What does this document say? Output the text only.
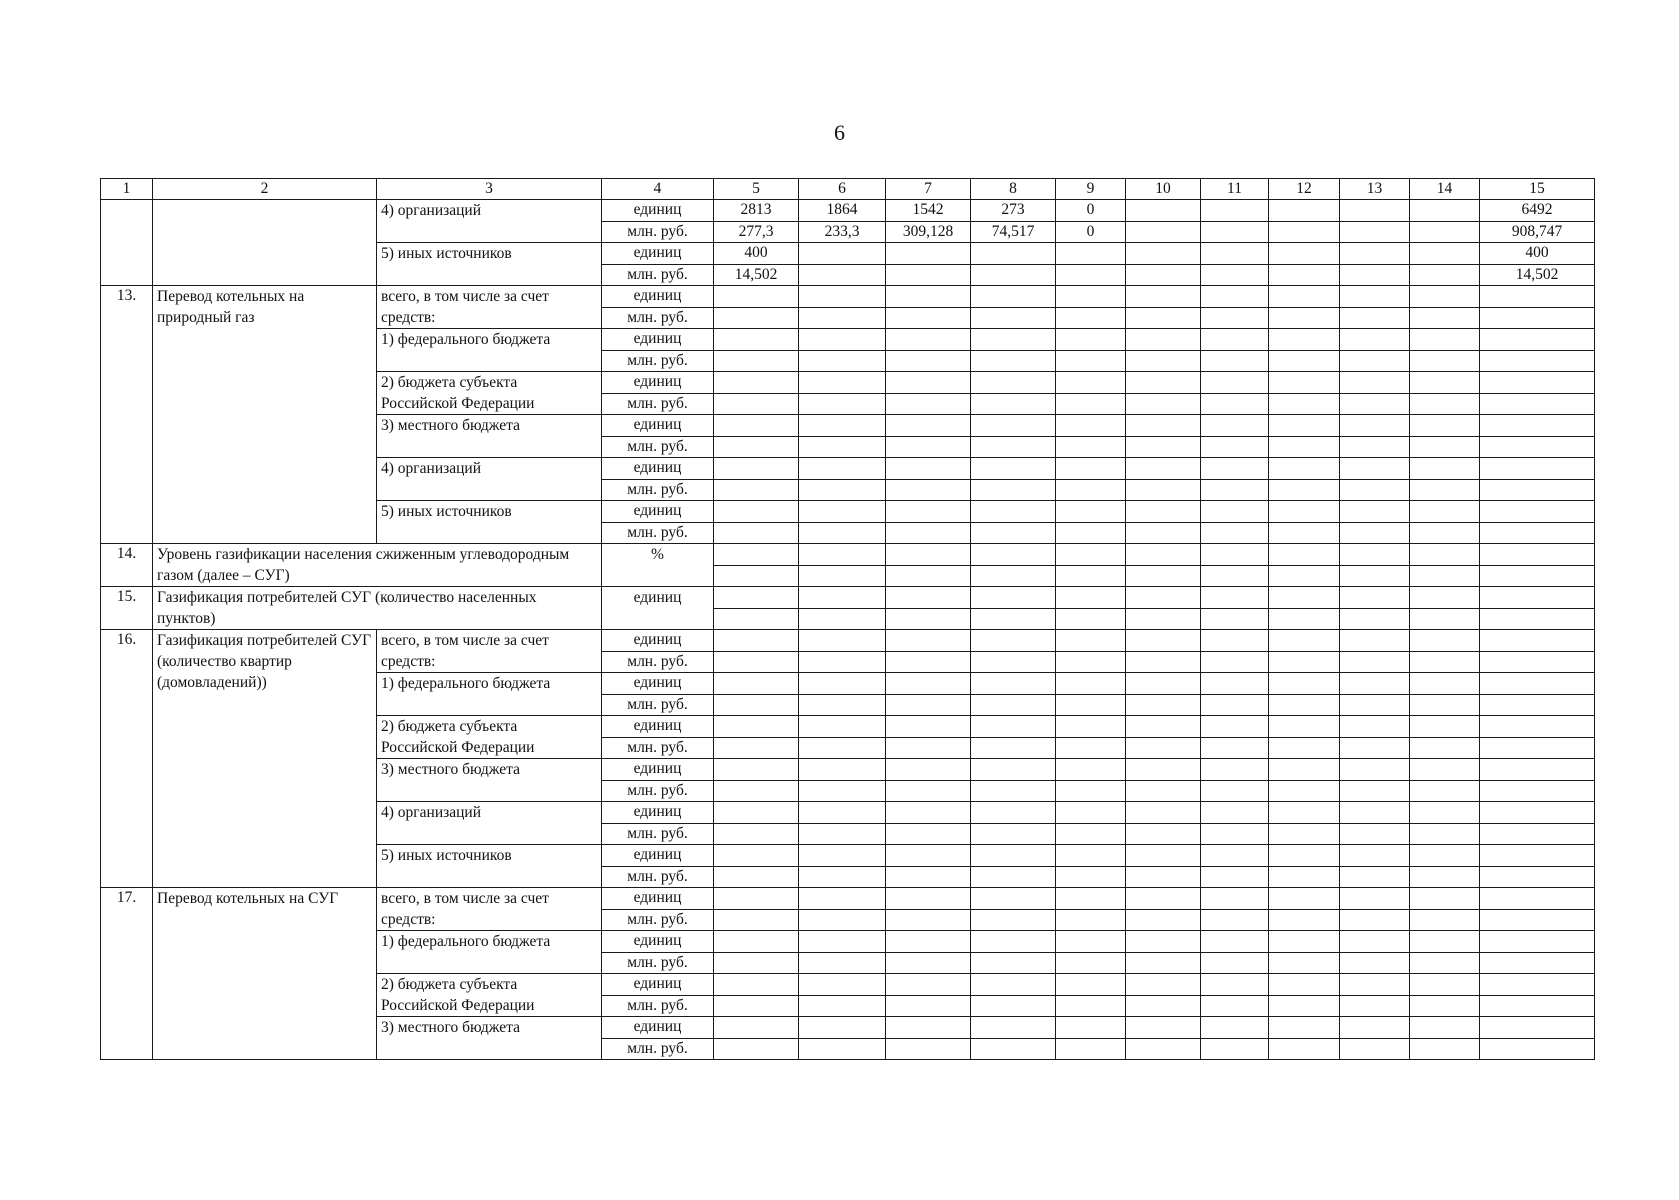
6
1	2	3	4	5	6	7	8	9	10	11	12	13	14	15
		4) организаций	единиц	2813	1864	1542	273	0						6492
			млн. руб.	277,3	233,3	309,128	74,517	0						908,747
		5) иных источников	единиц	400										400
			млн. руб.	14,502										14,502
13.	Перевод котельных на природный газ	всего, в том числе за счет средств:	единиц											
			млн. руб.											
		1) федерального бюджета	единиц											
			млн. руб.											
		2) бюджета субъекта Российской Федерации	единиц											
			млн. руб.											
		3) местного бюджета	единиц											
			млн. руб.											
		4) организаций	единиц											
			млн. руб.											
		5) иных источников	единиц											
			млн. руб.											
14.	Уровень газификации населения сжиженным углеводородным газом (далее – СУГ)		%											

15.	Газификация потребителей СУГ (количество населенных пунктов)		единиц											

16.	Газификация потребителей СУГ (количество квартир (домовладений))	всего, в том числе за счет средств:	единиц											
			млн. руб.											
		1) федерального бюджета	единиц											
			млн. руб.											
		2) бюджета субъекта Российской Федерации	единиц											
			млн. руб.											
		3) местного бюджета	единиц											
			млн. руб.											
		4) организаций	единиц											
			млн. руб.											
		5) иных источников	единиц											
			млн. руб.											
17.	Перевод котельных на СУГ	всего, в том числе за счет средств:	единиц											
			млн. руб.											
		1) федерального бюджета	единиц											
			млн. руб.											
		2) бюджета субъекта Российской Федерации	единиц											
			млн. руб.											
		3) местного бюджета	единиц											
			млн. руб.											
